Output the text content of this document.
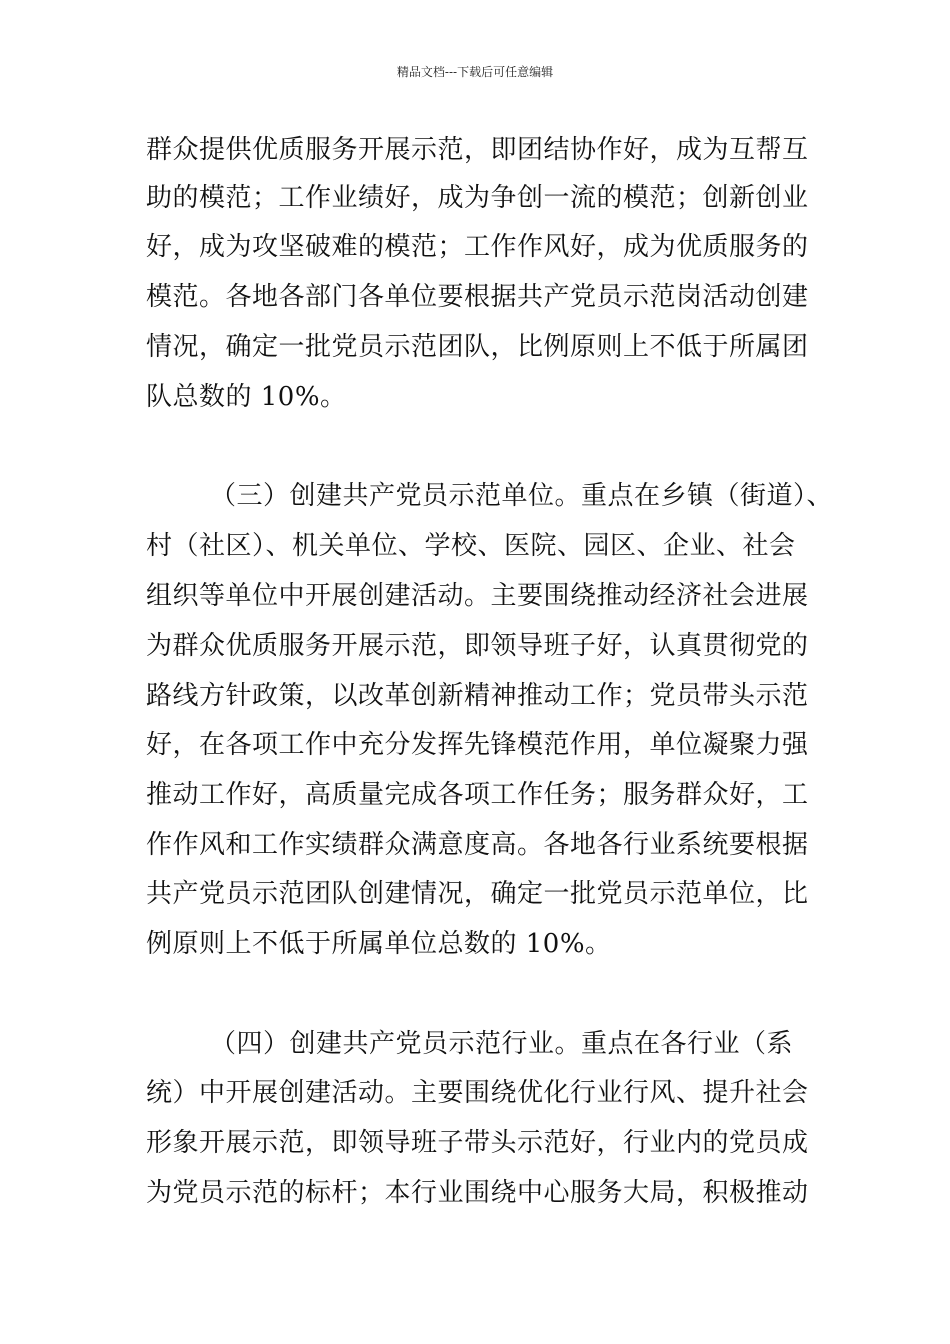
精品文档---下载后可任意编辑
群众提供优质服务开展示范，即团结协作好，成为互帮互
助的模范；工作业绩好，成为争创一流的模范；创新创业
好，成为攻坚破难的模范；工作作风好，成为优质服务的
模范。各地各部门各单位要根据共产党员示范岗活动创建
情况，确定一批党员示范团队，比例原则上不低于所属团
队总数的 10%。
（三）创建共产党员示范单位。重点在乡镇（街道）、
村（社区）、机关单位、学校、医院、园区、企业、社会
组织等单位中开展创建活动。主要围绕推动经济社会进展
为群众优质服务开展示范，即领导班子好，认真贯彻党的
路线方针政策，以改革创新精神推动工作；党员带头示范
好，在各项工作中充分发挥先锋模范作用，单位凝聚力强
推动工作好，高质量完成各项工作任务；服务群众好，工
作作风和工作实绩群众满意度高。各地各行业系统要根据
共产党员示范团队创建情况，确定一批党员示范单位，比
例原则上不低于所属单位总数的 10%。
（四）创建共产党员示范行业。重点在各行业（系
统）中开展创建活动。主要围绕优化行业行风、提升社会
形象开展示范，即领导班子带头示范好，行业内的党员成
为党员示范的标杆；本行业围绕中心服务大局，积极推动
